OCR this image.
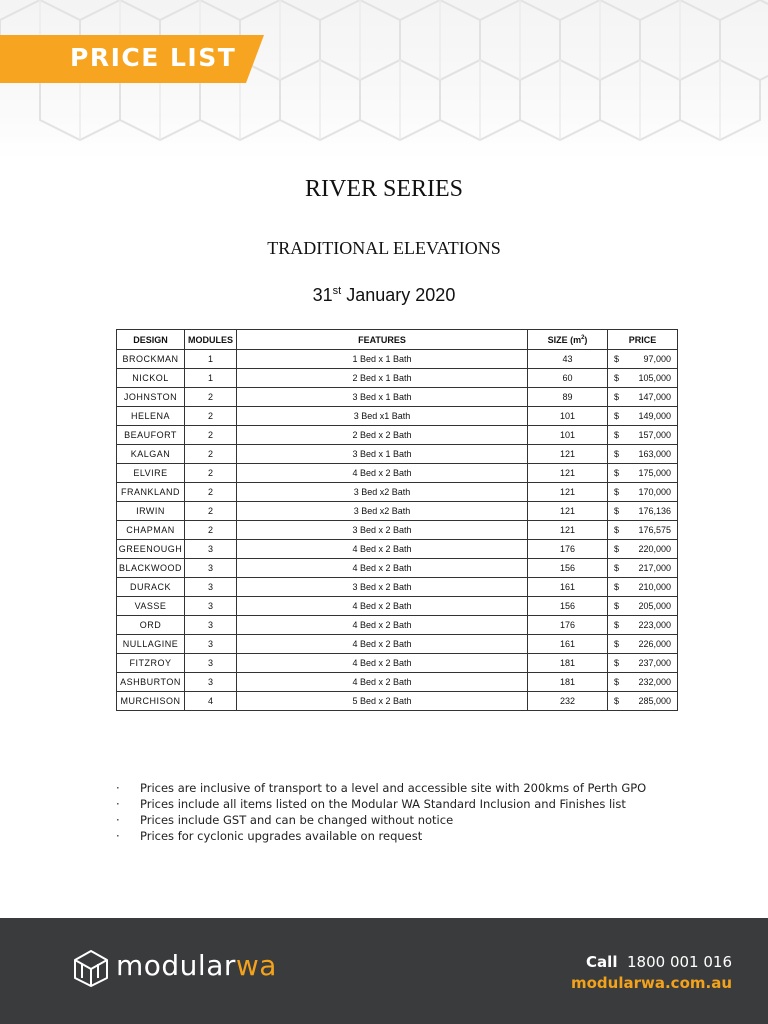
PRICE LIST
RIVER SERIES
TRADITIONAL ELEVATIONS
31st January 2020
DESIGN	MODULES	FEATURES	SIZE $(m^2)$	PRICE
BROCKMAN	1	1 Bed x 1 Bath	43	$ 97,000

NICKOL	1	2 Bed x 1 Bath	60	$ 105,000

JOHNSTON	2	3 Bed x 1 Bath	89	$ 147,000

HELENA	2	3 Bed x1 Bath	101	$ 149,000

BEAUFORT	2	2 Bed x 2 Bath	101	$ 157,000

KALGAN	2	3 Bed x 1 Bath	121	$ 163,000

ELVIRE	2	4 Bed x 2 Bath	121	$ 175,000

FRANKLAND	2	3 Bed x2 Bath	121	$ 170,000

IRWIN	2	3 Bed x2 Bath	121	$ 176,136

CHAPMAN	2	3 Bed x 2 Bath	121	$ 176,575

GREENOUGH	3	4 Bed x 2 Bath	176	$ 220,000

BLACKWOOD	3	4 Bed x 2 Bath	156	$ 217,000

DURACK	3	3 Bed x 2 Bath	161	$ 210,000

VASSE	3	4 Bed x 2 Bath	156	$ 205,000

ORD	3	4 Bed x 2 Bath	176	$ 223,000

NULLAGINE	3	4 Bed x 2 Bath	161	$ 226,000

FITZROY	3	4 Bed x 2 Bath	181	$ 237,000

ASHBURTON	3	4 Bed x 2 Bath	181	$ 232,000

MURCHISON	4	5 Bed x 2 Bath	232	$ 285,000
· Prices are inclusive of transport to a level and accessible site with 200kms of Perth GPO
· Prices include all items listed on the Modular WA Standard Inclusion and Finishes list
· Prices include GST and can be changed without notice
· Prices for cyclonic upgrades available on request
modularwa	Call 1800 001 016
modularwa.com.au
